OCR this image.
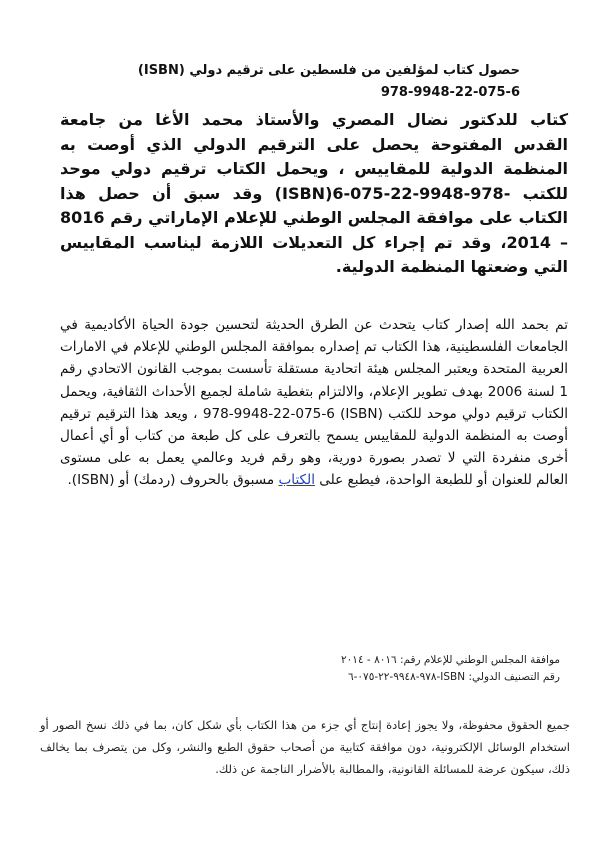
حصول كتاب لمؤلفين من فلسطين على ترقيم دولي (ISBN)

978-9948-22-075-6

كتاب للدكتور نضال المصري والأستاذ محمد الأغا من جامعة القدس المفتوحة يحصل على الترقيم الدولي الذي أوصت به المنظمة الدولية للمقاييس ، ويحمل الكتاب ترقيم دولي موحد للكتب -978-9948-22-075-6(ISBN) وقد سبق أن حصل هذا الكتاب على موافقة المجلس الوطني للإعلام الإماراتي رقم 8016 – 2014، وقد تم إجراء كل التعديلات اللازمة ليناسب المقاييس التي وضعتها المنظمة الدولية.

تم بحمد الله إصدار كتاب يتحدث عن الطرق الحديثة لتحسين جودة الحياة الأكاديمية في الجامعات الفلسطينية، هذا الكتاب تم إصداره بموافقة المجلس الوطني للإعلام في الامارات العربية المتحدة ويعتبر المجلس هيئة اتحادية مستقلة تأسست بموجب القانون الاتحادي رقم 1 لسنة 2006 بهدف تطوير الإعلام، والالتزام بتغطية شاملة لجميع الأحداث الثقافية، ويحمل الكتاب ترقيم دولي موحد للكتب (ISBN) 978-9948-22-075-6 ، ويعد هذا الترقيم ترقيم أوصت به المنظمة الدولية للمقاييس يسمح بالتعرف على كل طبعة من كتاب أو أي أعمال أخرى منفردة التي لا تصدر بصورة دورية، وهو رقم فريد وعالمي يعمل به على مستوى العالم للعنوان أو للطبعة الواحدة، فيطبع على الكتاب مسبوق بالحروف (ردمك) أو (ISBN).

موافقة المجلس الوطني للإعلام رقم: ٨٠١٦ - ٢٠١٤

رقم التصنيف الدولي: ISBN-٩٧٨-٩٩٤٨-٢٢-٠٧٥-٦

جميع الحقوق محفوظة، ولا يجوز إعادة إنتاج أي جزء من هذا الكتاب بأي شكل كان، بما في ذلك نسخ الصور أو استخدام الوسائل الإلكترونية، دون موافقة كتابية من أصحاب حقوق الطبع والنشر، وكل من يتصرف بما يخالف ذلك، سيكون عرضة للمسائلة القانونية، والمطالبة بالأضرار الناجمة عن ذلك.
